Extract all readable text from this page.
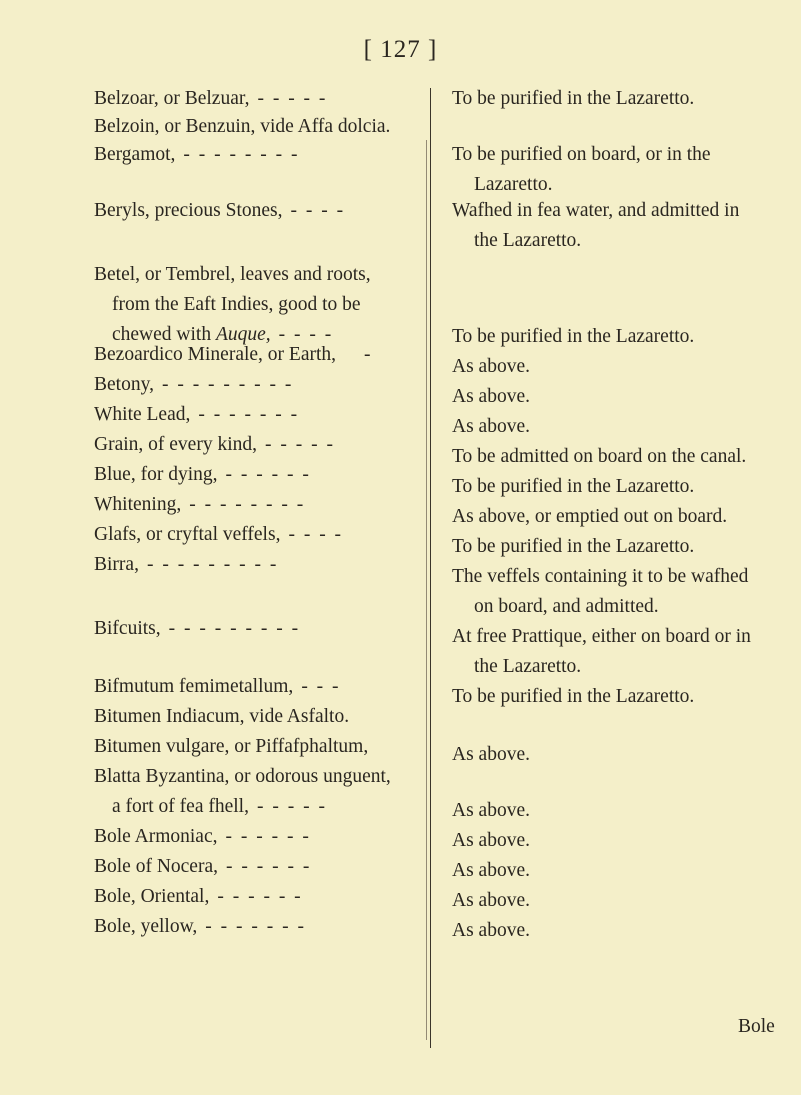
[ 127 ]
Belzoar, or Belzuar, - - - - -
Belzoin, or Benzuin, vide Affa dolcia.
Bergamot, - - - - - - - -
Beryls, precious Stones, - - - -
Betel, or Tembrel, leaves and roots,
from the Eaft Indies, good to be
chewed with Auque, - - - -
Bezoardico Minerale, or Earth, -
Betony, - - - - - - - - -
White Lead, - - - - - - -
Grain, of every kind, - - - - -
Blue, for dying, - - - - - -
Whitening, - - - - - - - -
Glafs, or cryftal veffels, - - - -
Birra, - - - - - - - - -
Bifcuits, - - - - - - - - -
Bifmutum femimetallum, - - -
Bitumen Indiacum, vide Asfalto.
Bitumen vulgare, or Piffafphaltum,
Blatta Byzantina, or odorous unguent,
a fort of fea fhell, - - - - -
Bole Armoniac, - - - - - -
Bole of Nocera, - - - - - -
Bole, Oriental, - - - - - -
Bole, yellow, - - - - - - -
To be purified in the Lazaretto.
To be purified on board, or in the
Lazaretto.
Wafhed in fea water, and admitted in
the Lazaretto.
To be purified in the Lazaretto.
As above.
As above.
As above.
To be admitted on board on the canal.
To be purified in the Lazaretto.
As above, or emptied out on board.
To be purified in the Lazaretto.
The veffels containing it to be wafhed
on board, and admitted.
At free Prattique, either on board or in
the Lazaretto.
To be purified in the Lazaretto.
As above.
As above.
As above.
As above.
As above.
As above.
Bole
